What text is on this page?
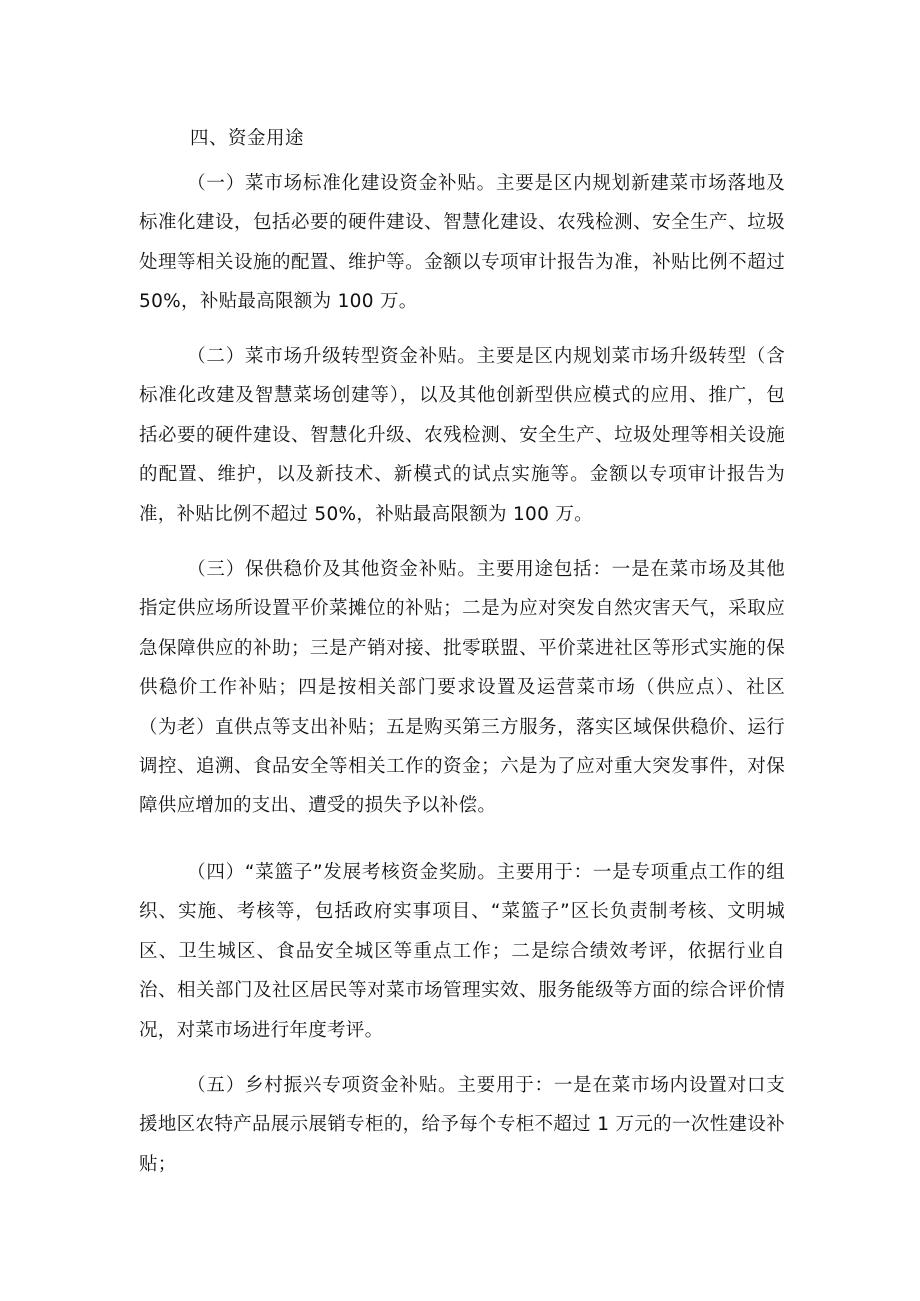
四、资金用途

（一）菜市场标准化建设资金补贴。主要是区内规划新建菜市场落地及标准化建设，包括必要的硬件建设、智慧化建设、农残检测、安全生产、垃圾处理等相关设施的配置、维护等。金额以专项审计报告为准，补贴比例不超过 50%，补贴最高限额为 100 万。

（二）菜市场升级转型资金补贴。主要是区内规划菜市场升级转型（含标准化改建及智慧菜场创建等），以及其他创新型供应模式的应用、推广，包括必要的硬件建设、智慧化升级、农残检测、安全生产、垃圾处理等相关设施的配置、维护，以及新技术、新模式的试点实施等。金额以专项审计报告为准，补贴比例不超过 50%，补贴最高限额为 100 万。

（三）保供稳价及其他资金补贴。主要用途包括：一是在菜市场及其他指定供应场所设置平价菜摊位的补贴；二是为应对突发自然灾害天气，采取应急保障供应的补助；三是产销对接、批零联盟、平价菜进社区等形式实施的保供稳价工作补贴；四是按相关部门要求设置及运营菜市场（供应点）、社区（为老）直供点等支出补贴；五是购买第三方服务，落实区域保供稳价、运行调控、追溯、食品安全等相关工作的资金；六是为了应对重大突发事件，对保障供应增加的支出、遭受的损失予以补偿。

（四）“菜篮子”发展考核资金奖励。主要用于：一是专项重点工作的组织、实施、考核等，包括政府实事项目、“菜篮子”区长负责制考核、文明城区、卫生城区、食品安全城区等重点工作；二是综合绩效考评，依据行业自治、相关部门及社区居民等对菜市场管理实效、服务能级等方面的综合评价情况，对菜市场进行年度考评。

（五）乡村振兴专项资金补贴。主要用于：一是在菜市场内设置对口支援地区农特产品展示展销专柜的，给予每个专柜不超过 1 万元的一次性建设补贴；
